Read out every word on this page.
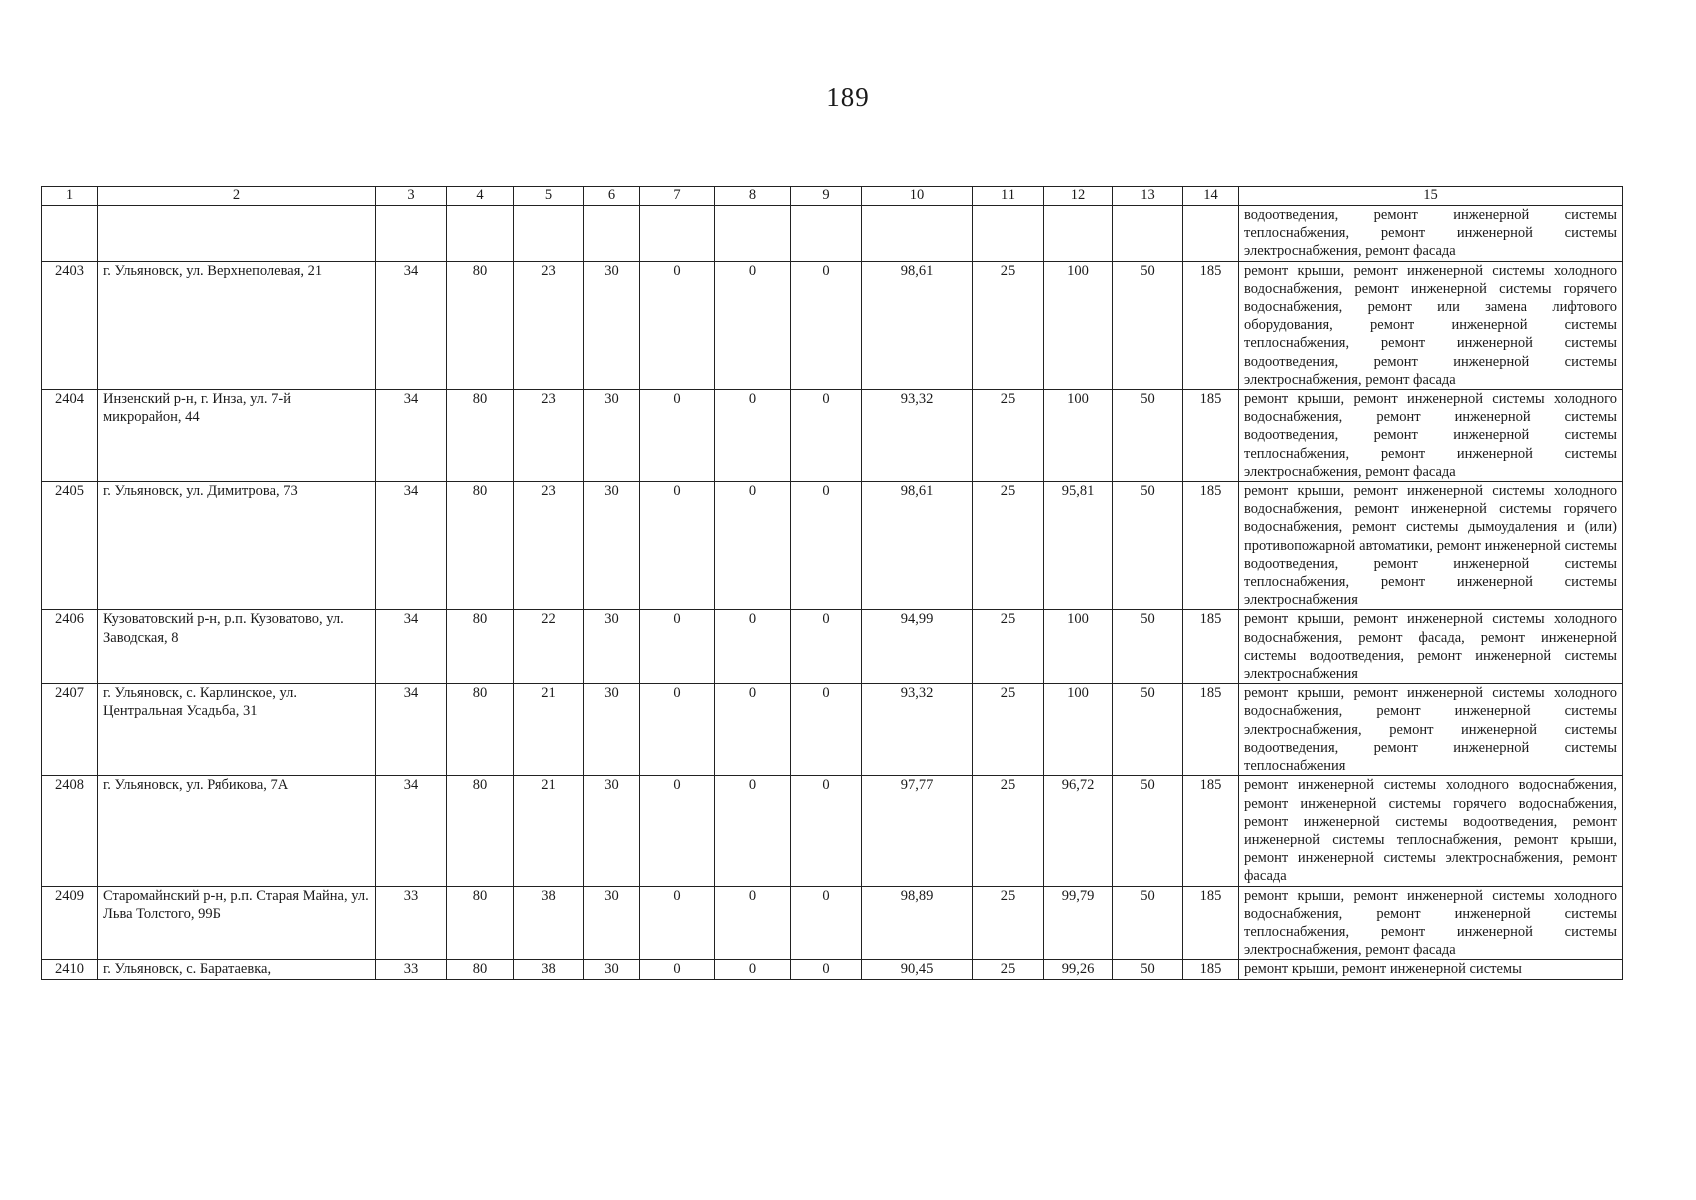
189
1	2	3	4	5	6	7	8	9	10	11	12	13	14	15
														водоотведения, ремонт инженерной системы теплоснабжения, ремонт инженерной системы электроснабжения, ремонт фасада
2403	г. Ульяновск, ул. Верхнеполевая, 21	34	80	23	30	0	0	0	98,61	25	100	50	185	ремонт крыши, ремонт инженерной системы холодного водоснабжения, ремонт инженерной системы горячего водоснабжения, ремонт или замена лифтового оборудования, ремонт инженерной системы теплоснабжения, ремонт инженерной системы водоотведения, ремонт инженерной системы электроснабжения, ремонт фасада
2404	Инзенский р-н, г. Инза, ул. 7-й микрорайон, 44	34	80	23	30	0	0	0	93,32	25	100	50	185	ремонт крыши, ремонт инженерной системы холодного водоснабжения, ремонт инженерной системы водоотведения, ремонт инженерной системы теплоснабжения, ремонт инженерной системы электроснабжения, ремонт фасада
2405	г. Ульяновск, ул. Димитрова, 73	34	80	23	30	0	0	0	98,61	25	95,81	50	185	ремонт крыши, ремонт инженерной системы холодного водоснабжения, ремонт инженерной системы горячего водоснабжения, ремонт системы дымоудаления и (или) противопожарной автоматики, ремонт инженерной системы водоотведения, ремонт инженерной системы теплоснабжения, ремонт инженерной системы электроснабжения
2406	Кузоватовский р-н, р.п. Кузоватово, ул. Заводская, 8	34	80	22	30	0	0	0	94,99	25	100	50	185	ремонт крыши, ремонт инженерной системы холодного водоснабжения, ремонт фасада, ремонт инженерной системы водоотведения, ремонт инженерной системы электроснабжения
2407	г. Ульяновск, с. Карлинское, ул. Центральная Усадьба, 31	34	80	21	30	0	0	0	93,32	25	100	50	185	ремонт крыши, ремонт инженерной системы холодного водоснабжения, ремонт инженерной системы электроснабжения, ремонт инженерной системы водоотведения, ремонт инженерной системы теплоснабжения
2408	г. Ульяновск, ул. Рябикова, 7А	34	80	21	30	0	0	0	97,77	25	96,72	50	185	ремонт инженерной системы холодного водоснабжения, ремонт инженерной системы горячего водоснабжения, ремонт инженерной системы водоотведения, ремонт инженерной системы теплоснабжения, ремонт крыши, ремонт инженерной системы электроснабжения, ремонт фасада
2409	Старомайнский р-н, р.п. Старая Майна, ул. Льва Толстого, 99Б	33	80	38	30	0	0	0	98,89	25	99,79	50	185	ремонт крыши, ремонт инженерной системы холодного водоснабжения, ремонт инженерной системы теплоснабжения, ремонт инженерной системы электроснабжения, ремонт фасада
2410	г. Ульяновск, с. Баратаевка,	33	80	38	30	0	0	0	90,45	25	99,26	50	185	ремонт крыши, ремонт инженерной системы
